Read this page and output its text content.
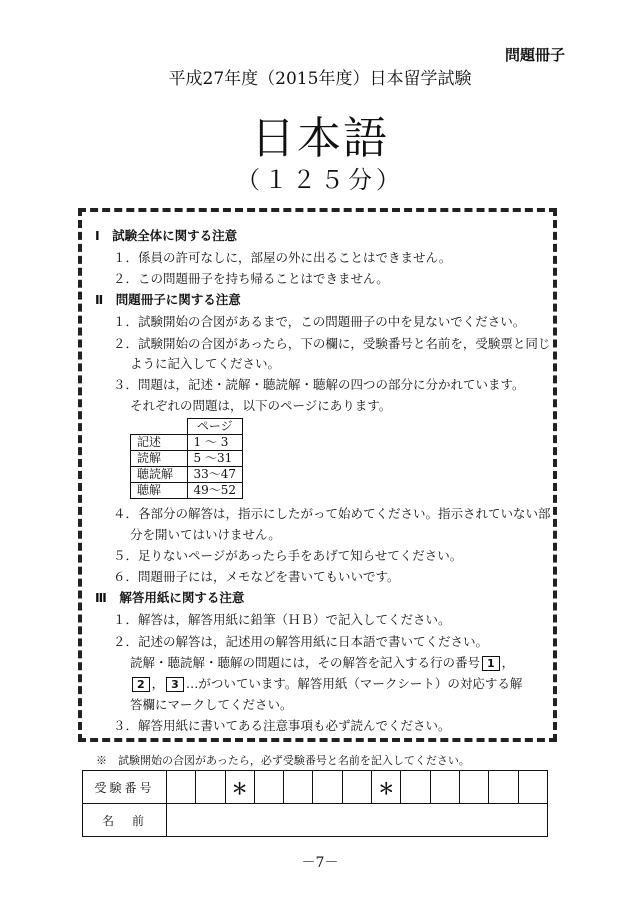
問題冊子
平成27年度（2015年度）日本留学試験
日本語
（１２５分）
Ⅰ　試験全体に関する注意
１．係員の許可なしに，部屋の外に出ることはできません。
２．この問題冊子を持ち帰ることはできません。
Ⅱ　問題冊子に関する注意
１．試験開始の合図があるまで，この問題冊子の中を見ないでください。
２．試験開始の合図があったら，下の欄に，受験番号と名前を，受験票と同じ
ように記入してください。
３．問題は，記述・読解・聴読解・聴解の四つの部分に分かれています。
それぞれの問題は，以下のページにあります。
	ページ
記述	1 ～ 3
読解	5 ～31
聴読解	33～47
聴解	49～52
４．各部分の解答は，指示にしたがって始めてください。指示されていない部
分を開いてはいけません。
５．足りないページがあったら手をあげて知らせてください。
６．問題冊子には，メモなどを書いてもいいです。
Ⅲ　解答用紙に関する注意
１．解答は，解答用紙に鉛筆（ＨＢ）で記入してください。
２．記述の解答は，記述用の解答用紙に日本語で書いてください。
読解・聴読解・聴解の問題には，その解答を記入する行の番号 1 ，
2 ， 3 …がついています。解答用紙（マークシート）の対応する解
答欄にマークしてください。
３．解答用紙に書いてある注意事項も必ず読んでください。
※　試験開始の合図があったら，必ず受験番号と名前を記入してください。
受験番号			＊					＊					
名　前													
－7－
